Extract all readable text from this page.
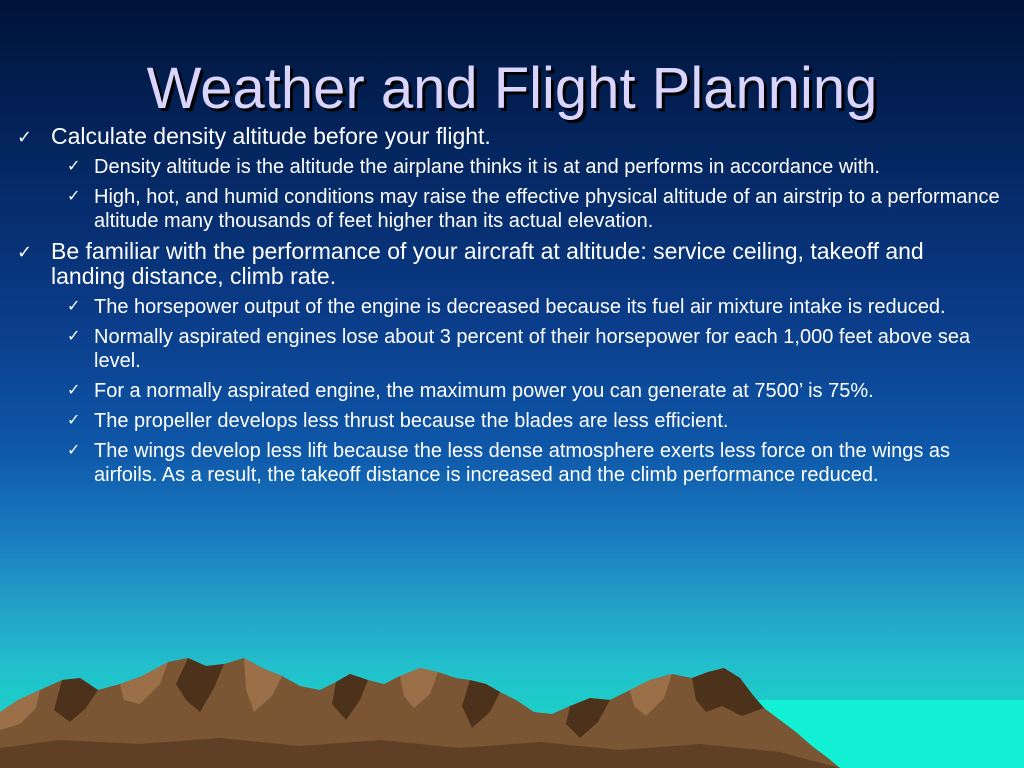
Weather and Flight Planning
✓ Calculate density altitude before your flight.
✓ Density altitude is the altitude the airplane thinks it is at and performs in accordance with.
✓ High, hot, and humid conditions may raise the effective physical altitude of an airstrip to a performance altitude many thousands of feet higher than its actual elevation.
✓ Be familiar with the performance of your aircraft at altitude: service ceiling, takeoff and landing distance, climb rate.
✓ The horsepower output of the engine is decreased because its fuel air mixture intake is reduced.
✓ Normally aspirated engines lose about 3 percent of their horsepower for each 1,000 feet above sea level.
✓ For a normally aspirated engine, the maximum power you can generate at 7500’ is 75%.
✓ The propeller develops less thrust because the blades are less efficient.
✓ The wings develop less lift because the less dense atmosphere exerts less force on the wings as airfoils. As a result, the takeoff distance is increased and the climb performance reduced.
